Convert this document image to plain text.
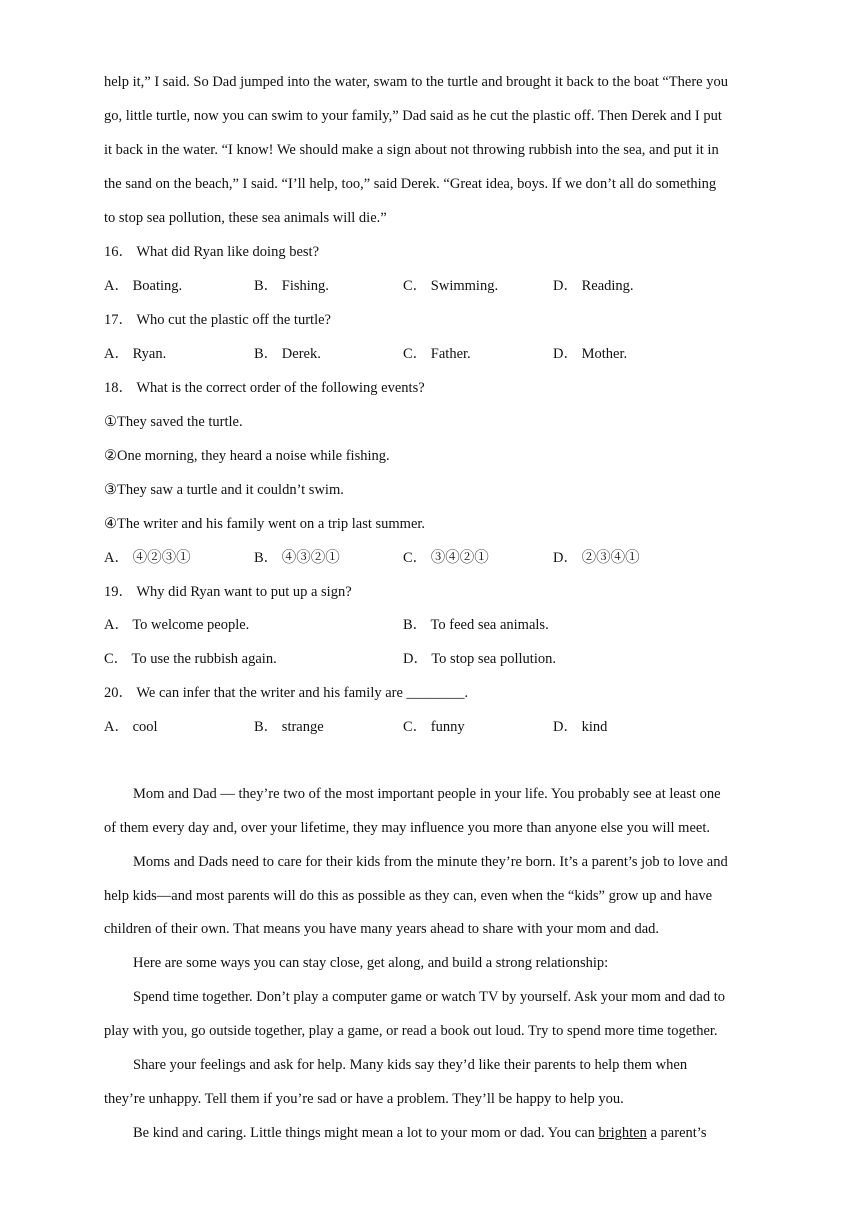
help it,” I said. So Dad jumped into the water, swam to the turtle and brought it back to the boat “There you
go, little turtle, now you can swim to your family,” Dad said as he cut the plastic off. Then Derek and I put
it back in the water. “I know! We should make a sign about not throwing rubbish into the sea, and put it in
the sand on the beach,” I said. “I’ll help, too,” said Derek. “Great idea, boys. If we don’t all do something
to stop sea pollution, these sea animals will die.”
16． What did Ryan like doing best?
A． Boating.	B． Fishing.	C． Swimming.	D． Reading.
17． Who cut the plastic off the turtle?
A． Ryan.	B． Derek.	C． Father.	D． Mother.
18． What is the correct order of the following events?
①They saved the turtle.
②One morning, they heard a noise while fishing.
③They saw a turtle and it couldn’t swim.
④The writer and his family went on a trip last summer.
A． ④②③①	B． ④③②①	C． ③④②①	D． ②③④①
19． Why did Ryan want to put up a sign?
A． To welcome people.	B． To feed sea animals.
C． To use the rubbish again.	D． To stop sea pollution.
20． We can infer that the writer and his family are ________.
A． cool	B． strange	C． funny	D． kind
Mom and Dad — they’re two of the most important people in your life. You probably see at least one
of them every day and, over your lifetime, they may influence you more than anyone else you will meet.
Moms and Dads need to care for their kids from the minute they’re born. It’s a parent’s job to love and
help kids—and most parents will do this as possible as they can, even when the “kids” grow up and have
children of their own. That means you have many years ahead to share with your mom and dad.
Here are some ways you can stay close, get along, and build a strong relationship:
Spend time together. Don’t play a computer game or watch TV by yourself. Ask your mom and dad to
play with you, go outside together, play a game, or read a book out loud. Try to spend more time together.
Share your feelings and ask for help. Many kids say they’d like their parents to help them when
they’re unhappy. Tell them if you’re sad or have a problem. They’ll be happy to help you.
Be kind and caring. Little things might mean a lot to your mom or dad. You can brighten a parent’s
